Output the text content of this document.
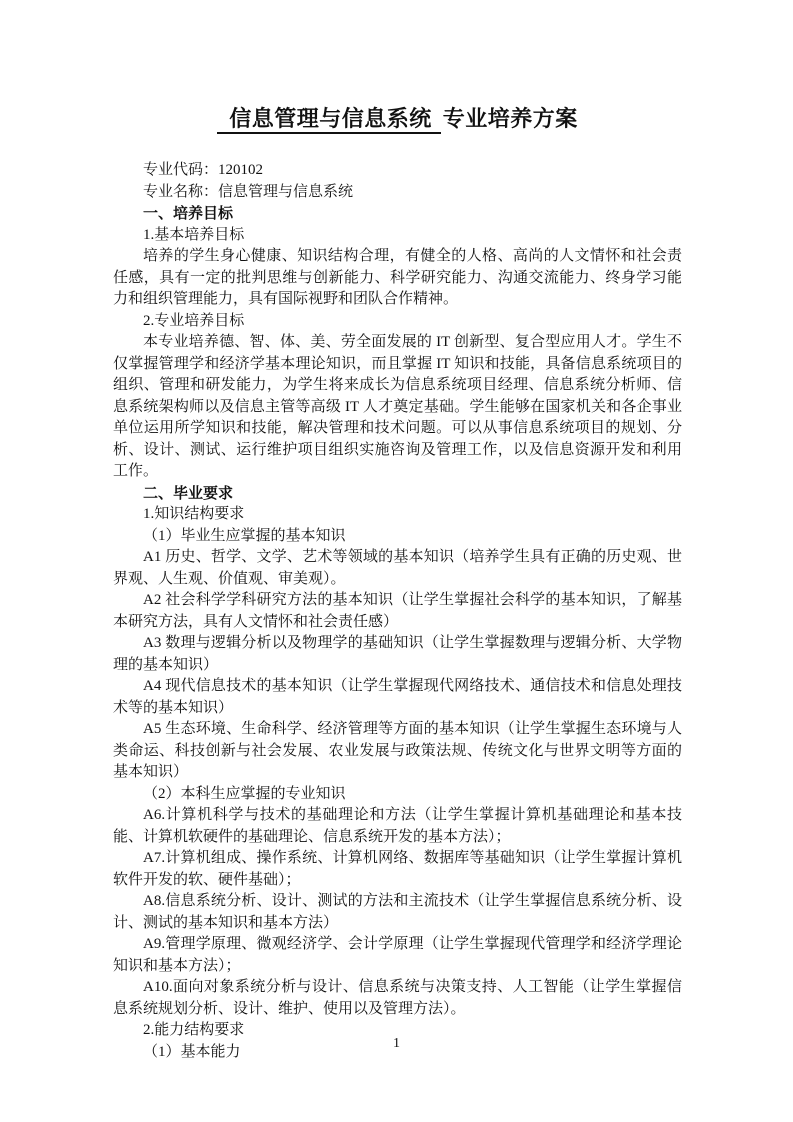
信息管理与信息系统 专业培养方案

专业代码：120102

专业名称：信息管理与信息系统

一、培养目标

1.基本培养目标

培养的学生身心健康、知识结构合理，有健全的人格、高尚的人文情怀和社会责任感，具有一定的批判思维与创新能力、科学研究能力、沟通交流能力、终身学习能力和组织管理能力，具有国际视野和团队合作精神。

2.专业培养目标

本专业培养德、智、体、美、劳全面发展的 IT 创新型、复合型应用人才。学生不仅掌握管理学和经济学基本理论知识，而且掌握 IT 知识和技能，具备信息系统项目的组织、管理和研发能力，为学生将来成长为信息系统项目经理、信息系统分析师、信息系统架构师以及信息主管等高级 IT 人才奠定基础。学生能够在国家机关和各企事业单位运用所学知识和技能，解决管理和技术问题。可以从事信息系统项目的规划、分析、设计、测试、运行维护项目组织实施咨询及管理工作，以及信息资源开发和利用工作。

二、毕业要求

1.知识结构要求

（1）毕业生应掌握的基本知识

A1 历史、哲学、文学、艺术等领域的基本知识（培养学生具有正确的历史观、世界观、人生观、价值观、审美观）。

A2 社会科学学科研究方法的基本知识（让学生掌握社会科学的基本知识，了解基本研究方法，具有人文情怀和社会责任感）

A3 数理与逻辑分析以及物理学的基础知识（让学生掌握数理与逻辑分析、大学物理的基本知识）

A4 现代信息技术的基本知识（让学生掌握现代网络技术、通信技术和信息处理技术等的基本知识）

A5 生态环境、生命科学、经济管理等方面的基本知识（让学生掌握生态环境与人类命运、科技创新与社会发展、农业发展与政策法规、传统文化与世界文明等方面的基本知识）

（2）本科生应掌握的专业知识

A6.计算机科学与技术的基础理论和方法（让学生掌握计算机基础理论和基本技能、计算机软硬件的基础理论、信息系统开发的基本方法）；

A7.计算机组成、操作系统、计算机网络、数据库等基础知识（让学生掌握计算机软件开发的软、硬件基础）；

A8.信息系统分析、设计、测试的方法和主流技术（让学生掌握信息系统分析、设计、测试的基本知识和基本方法）

A9.管理学原理、微观经济学、会计学原理（让学生掌握现代管理学和经济学理论知识和基本方法）；

A10.面向对象系统分析与设计、信息系统与决策支持、人工智能（让学生掌握信息系统规划分析、设计、维护、使用以及管理方法）。

2.能力结构要求

（1）基本能力	1
